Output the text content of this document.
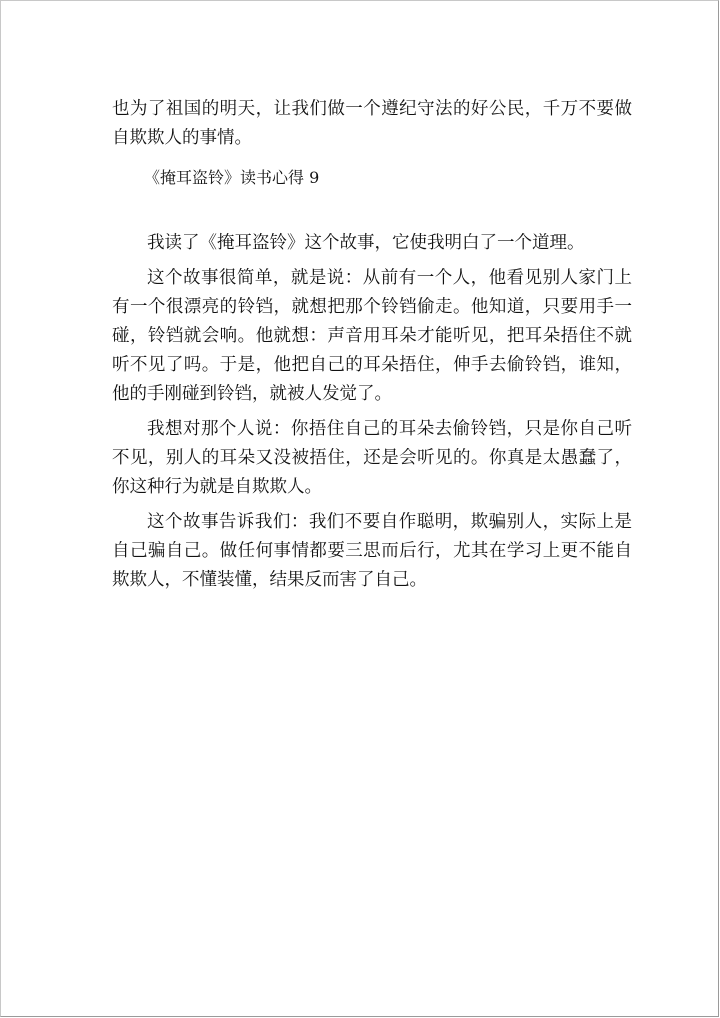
也为了祖国的明天，让我们做一个遵纪守法的好公民，千万不要做自欺欺人的事情。

《掩耳盗铃》读书心得 9

我读了《掩耳盗铃》这个故事，它使我明白了一个道理。

这个故事很简单，就是说：从前有一个人，他看见别人家门上有一个很漂亮的铃铛，就想把那个铃铛偷走。他知道，只要用手一碰，铃铛就会响。他就想：声音用耳朵才能听见，把耳朵捂住不就听不见了吗。于是，他把自己的耳朵捂住，伸手去偷铃铛，谁知，他的手刚碰到铃铛，就被人发觉了。

我想对那个人说：你捂住自己的耳朵去偷铃铛，只是你自己听不见，别人的耳朵又没被捂住，还是会听见的。你真是太愚蠢了，你这种行为就是自欺欺人。

这个故事告诉我们：我们不要自作聪明，欺骗别人，实际上是自己骗自己。做任何事情都要三思而后行，尤其在学习上更不能自欺欺人，不懂装懂，结果反而害了自己。
